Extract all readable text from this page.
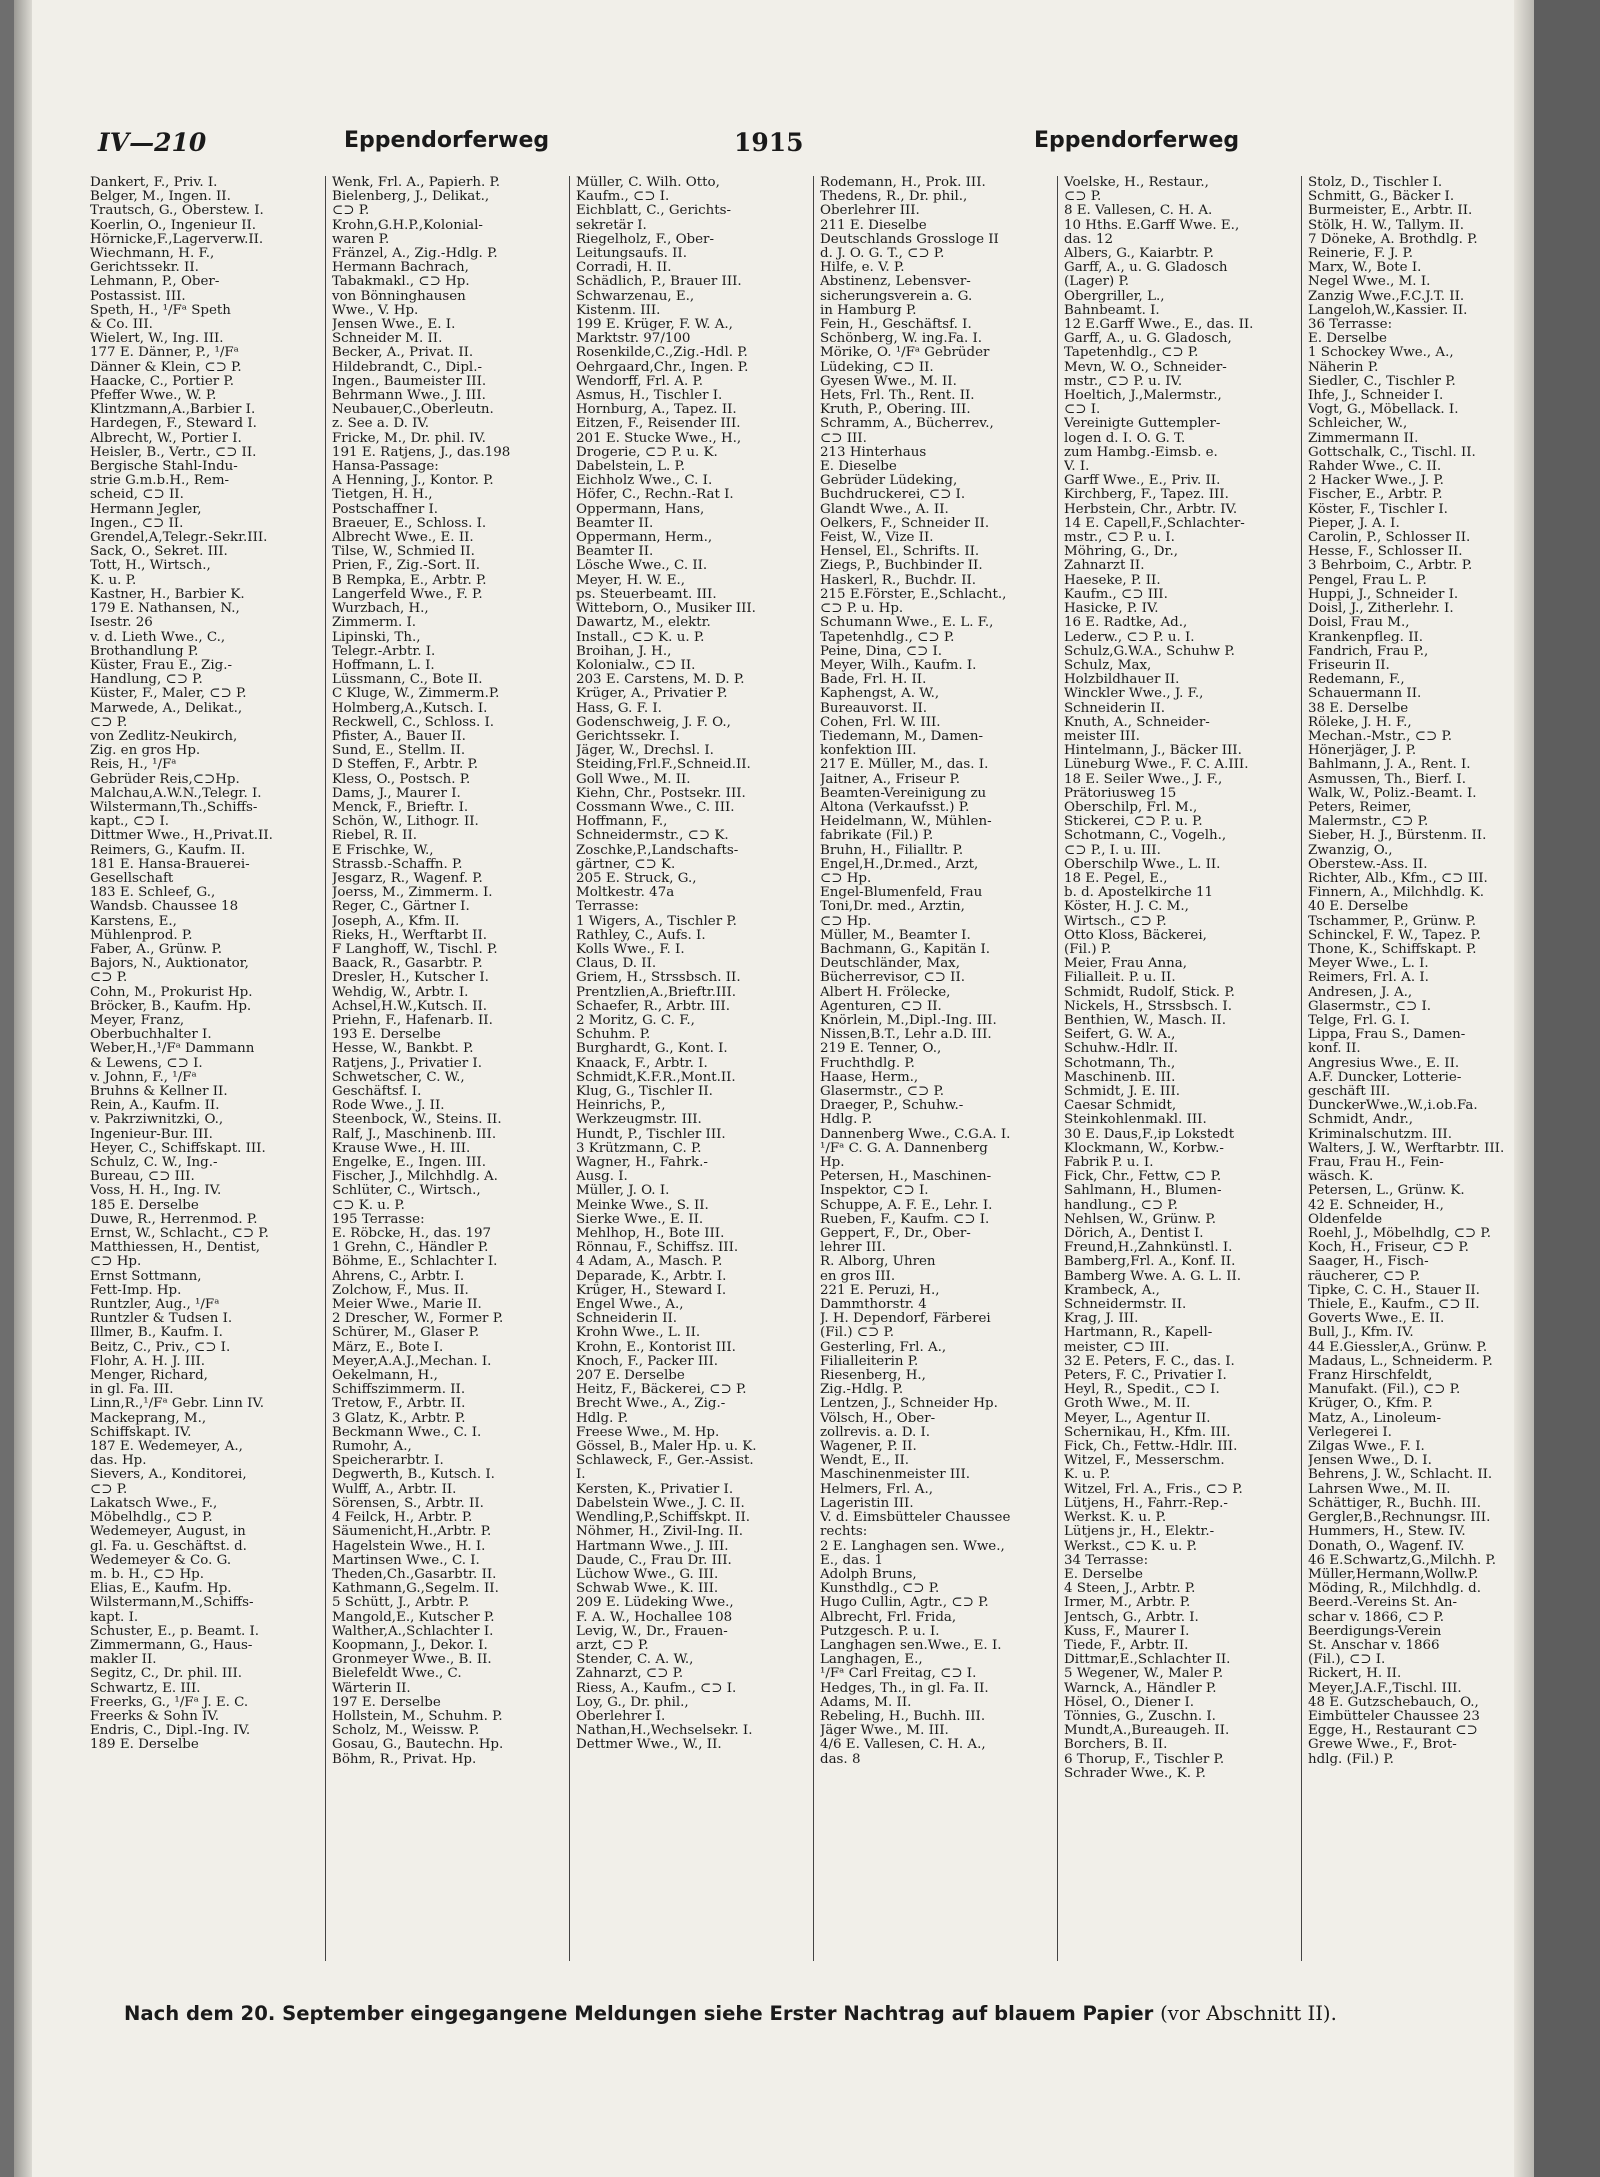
IV—210	Eppendorferweg	1915	Eppendorferweg
Dankert, F., Priv. I.
Belger, M., Ingen. II.
Trautsch, G., Oberstew. I.
Koerlin, O., Ingenieur II.
Hörnicke,F.,Lagerverw.II.
Wiechmann, H. F.,
Gerichtssekr. II.
Lehmann, P., Ober-
Postassist. III.
Speth, H., ¹/Fᵃ Speth
& Co. III.
Wielert, W., Ing. III.
177 E. Dänner, P., ¹/Fᵃ
Dänner & Klein, ⊂⊃ P.
Haacke, C., Portier P.
Pfeffer Wwe., W. P.
Klintzmann,A.,Barbier I.
Hardegen, F., Steward I.
Albrecht, W., Portier I.
Heisler, B., Vertr., ⊂⊃ II.
Bergische Stahl-Indu-
strie G.m.b.H., Rem-
scheid, ⊂⊃ II.
Hermann Jegler,
Ingen., ⊂⊃ II.
Grendel,A,Telegr.-Sekr.III.
Sack, O., Sekret. III.
Tott, H., Wirtsch.,
K. u. P.
Kastner, H., Barbier K.
179 E. Nathansen, N.,
Isestr. 26
v. d. Lieth Wwe., C.,
Brothandlung P.
Küster, Frau E., Zig.-
Handlung, ⊂⊃ P.
Küster, F., Maler, ⊂⊃ P.
Marwede, A., Delikat.,
⊂⊃ P.
von Zedlitz-Neukirch,
Zig. en gros Hp.
Reis, H., ¹/Fᵃ
Gebrüder Reis,⊂⊃Hp.
Malchau,A.W.N.,Telegr. I.
Wilstermann,Th.,Schiffs-
kapt., ⊂⊃ I.
Dittmer Wwe., H.,Privat.II.
Reimers, G., Kaufm. II.
181 E. Hansa-Brauerei-
Gesellschaft
183 E. Schleef, G.,
Wandsb. Chaussee 18
Karstens, E.,
Mühlenprod. P.
Faber, A., Grünw. P.
Bajors, N., Auktionator,
⊂⊃ P.
Cohn, M., Prokurist Hp.
Bröcker, B., Kaufm. Hp.
Meyer, Franz,
Oberbuchhalter I.
Weber,H.,¹/Fᵃ Dammann
& Lewens, ⊂⊃ I.
v. Johnn, F., ¹/Fᵃ
Bruhns & Kellner II.
Rein, A., Kaufm. II.
v. Pakrziwnitzki, O.,
Ingenieur-Bur. III.
Heyer, C., Schiffskapt. III.
Schulz, C. W., Ing.-
Bureau, ⊂⊃ III.
Voss, H. H., Ing. IV.
185 E. Derselbe
Duwe, R., Herrenmod. P.
Ernst, W., Schlacht., ⊂⊃ P.
Matthiessen, H., Dentist,
⊂⊃ Hp.
Ernst Sottmann,
Fett-Imp. Hp.
Runtzler, Aug., ¹/Fᵃ
Runtzler & Tudsen I.
Illmer, B., Kaufm. I.
Beitz, C., Priv., ⊂⊃ I.
Flohr, A. H. J. III.
Menger, Richard,
in gl. Fa. III.
Linn,R.,¹/Fᵃ Gebr. Linn IV.
Mackeprang, M.,
Schiffskapt. IV.
187 E. Wedemeyer, A.,
das. Hp.
Sievers, A., Konditorei,
⊂⊃ P.
Lakatsch Wwe., F.,
Möbelhdlg., ⊂⊃ P.
Wedemeyer, August, in
gl. Fa. u. Geschäftst. d.
Wedemeyer & Co. G.
m. b. H., ⊂⊃ Hp.
Elias, E., Kaufm. Hp.
Wilstermann,M.,Schiffs-
kapt. I.
Schuster, E., p. Beamt. I.
Zimmermann, G., Haus-
makler II.
Segitz, C., Dr. phil. III.
Schwartz, E. III.
Freerks, G., ¹/Fᵃ J. E. C.
Freerks & Sohn IV.
Endris, C., Dipl.-Ing. IV.
189 E. Derselbe
Wenk, Frl. A., Papierh. P.
Bielenberg, J., Delikat.,
⊂⊃ P.
Krohn,G.H.P.,Kolonial-
waren P.
Fränzel, A., Zig.-Hdlg. P.
Hermann Bachrach,
Tabakmakl., ⊂⊃ Hp.
von Bönninghausen
Wwe., V. Hp.
Jensen Wwe., E. I.
Schneider M. II.
Becker, A., Privat. II.
Hildebrandt, C., Dipl.-
Ingen., Baumeister III.
Behrmann Wwe., J. III.
Neubauer,C.,Oberleutn.
z. See a. D. IV.
Fricke, M., Dr. phil. IV.
191 E. Ratjens, J., das.198
Hansa-Passage:
A Henning, J., Kontor. P.
Tietgen, H. H.,
Postschaffner I.
Braeuer, E., Schloss. I.
Albrecht Wwe., E. II.
Tilse, W., Schmied II.
Prien, F., Zig.-Sort. II.
B Rempka, E., Arbtr. P.
Langerfeld Wwe., F. P.
Wurzbach, H.,
Zimmerm. I.
Lipinski, Th.,
Telegr.-Arbtr. I.
Hoffmann, L. I.
Lüssmann, C., Bote II.
C Kluge, W., Zimmerm.P.
Holmberg,A.,Kutsch. I.
Reckwell, C., Schloss. I.
Pfister, A., Bauer II.
Sund, E., Stellm. II.
D Steffen, F., Arbtr. P.
Kless, O., Postsch. P.
Dams, J., Maurer I.
Menck, F., Brieftr. I.
Schön, W., Lithogr. II.
Riebel, R. II.
E Frischke, W.,
Strassb.-Schaffn. P.
Jesgarz, R., Wagenf. P.
Joerss, M., Zimmerm. I.
Reger, C., Gärtner I.
Joseph, A., Kfm. II.
Rieks, H., Werftarbt II.
F Langhoff, W., Tischl. P.
Baack, R., Gasarbtr. P.
Dresler, H., Kutscher I.
Wehdig, W., Arbtr. I.
Achsel,H.W.,Kutsch. II.
Priehn, F., Hafenarb. II.
193 E. Derselbe
Hesse, W., Bankbt. P.
Ratjens, J., Privatier I.
Schwetscher, C. W.,
Geschäftsf. I.
Rode Wwe., J. II.
Steenbock, W., Steins. II.
Ralf, J., Maschinenb. III.
Krause Wwe., H. III.
Engelke, E., Ingen. III.
Fischer, J., Milchhdlg. A.
Schlüter, C., Wirtsch.,
⊂⊃ K. u. P.
195 Terrasse:
E. Röbcke, H., das. 197
1 Grehn, C., Händler P.
Böhme, E., Schlachter I.
Ahrens, C., Arbtr. I.
Zolchow, F., Mus. II.
Meier Wwe., Marie II.
2 Drescher, W., Former P.
Schürer, M., Glaser P.
März, E., Bote I.
Meyer,A.A.J.,Mechan. I.
Oekelmann, H.,
Schiffszimmerm. II.
Tretow, F., Arbtr. II.
3 Glatz, K., Arbtr. P.
Beckmann Wwe., C. I.
Rumohr, A.,
Speicherarbtr. I.
Degwerth, B., Kutsch. I.
Wulff, A., Arbtr. II.
Sörensen, S., Arbtr. II.
4 Feilck, H., Arbtr. P.
Säumenicht,H.,Arbtr. P.
Hagelstein Wwe., H. I.
Martinsen Wwe., C. I.
Theden,Ch.,Gasarbtr. II.
Kathmann,G.,Segelm. II.
5 Schütt, J., Arbtr. P.
Mangold,E., Kutscher P.
Walther,A.,Schlachter I.
Koopmann, J., Dekor. I.
Gronmeyer Wwe., B. II.
Bielefeldt Wwe., C.
Wärterin II.
197 E. Derselbe
Hollstein, M., Schuhm. P.
Scholz, M., Weissw. P.
Gosau, G., Bautechn. Hp.
Böhm, R., Privat. Hp.
Müller, C. Wilh. Otto,
Kaufm., ⊂⊃ I.
Eichblatt, C., Gerichts-
sekretär I.
Riegelholz, F., Ober-
Leitungsaufs. II.
Corradi, H. II.
Schädlich, P., Brauer III.
Schwarzenau, E.,
Kistenm. III.
199 E. Krüger, F. W. A.,
Marktstr. 97/100
Rosenkilde,C.,Zig.-Hdl. P.
Oehrgaard,Chr., Ingen. P.
Wendorff, Frl. A. P.
Asmus, H., Tischler I.
Hornburg, A., Tapez. II.
Eitzen, F., Reisender III.
201 E. Stucke Wwe., H.,
Drogerie, ⊂⊃ P. u. K.
Dabelstein, L. P.
Eichholz Wwe., C. I.
Höfer, C., Rechn.-Rat I.
Oppermann, Hans,
Beamter II.
Oppermann, Herm.,
Beamter II.
Lösche Wwe., C. II.
Meyer, H. W. E.,
ps. Steuerbeamt. III.
Witteborn, O., Musiker III.
Dawartz, M., elektr.
Install., ⊂⊃ K. u. P.
Broihan, J. H.,
Kolonialw., ⊂⊃ II.
203 E. Carstens, M. D. P.
Krüger, A., Privatier P.
Hass, G. F. I.
Godenschweig, J. F. O.,
Gerichtssekr. I.
Jäger, W., Drechsl. I.
Steiding,Frl.F.,Schneid.II.
Goll Wwe., M. II.
Kiehn, Chr., Postsekr. III.
Cossmann Wwe., C. III.
Hoffmann, F.,
Schneidermstr., ⊂⊃ K.
Zoschke,P.,Landschafts-
gärtner, ⊂⊃ K.
205 E. Struck, G.,
Moltkestr. 47a
Terrasse:
1 Wigers, A., Tischler P.
Rathley, C., Aufs. I.
Kolls Wwe., F. I.
Claus, D. II.
Griem, H., Strssbsch. II.
Prentzlien,A.,Brieftr.III.
Schaefer, R., Arbtr. III.
2 Moritz, G. C. F.,
Schuhm. P.
Burghardt, G., Kont. I.
Knaack, F., Arbtr. I.
Schmidt,K.F.R.,Mont.II.
Klug, G., Tischler II.
Heinrichs, P.,
Werkzeugmstr. III.
Hundt, P., Tischler III.
3 Krützmann, C. P.
Wagner, H., Fahrk.-
Ausg. I.
Müller, J. O. I.
Meinke Wwe., S. II.
Sierke Wwe., E. II.
Mehlhop, H., Bote III.
Rönnau, F., Schiffsz. III.
4 Adam, A., Masch. P.
Deparade, K., Arbtr. I.
Krüger, H., Steward I.
Engel Wwe., A.,
Schneiderin II.
Krohn Wwe., L. II.
Krohn, E., Kontorist III.
Knoch, F., Packer III.
207 E. Derselbe
Heitz, F., Bäckerei, ⊂⊃ P.
Brecht Wwe., A., Zig.-
Hdlg. P.
Freese Wwe., M. Hp.
Gössel, B., Maler Hp. u. K.
Schlaweck, F., Ger.-Assist.
I.
Kersten, K., Privatier I.
Dabelstein Wwe., J. C. II.
Wendling,P.,Schiffskpt. II.
Nöhmer, H., Zivil-Ing. II.
Hartmann Wwe., J. III.
Daude, C., Frau Dr. III.
Lüchow Wwe., G. III.
Schwab Wwe., K. III.
209 E. Lüdeking Wwe.,
F. A. W., Hochallee 108
Levig, W., Dr., Frauen-
arzt, ⊂⊃ P.
Stender, C. A. W.,
Zahnarzt, ⊂⊃ P.
Riess, A., Kaufm., ⊂⊃ I.
Loy, G., Dr. phil.,
Oberlehrer I.
Nathan,H.,Wechselsekr. I.
Dettmer Wwe., W., II.
Rodemann, H., Prok. III.
Thedens, R., Dr. phil.,
Oberlehrer III.
211 E. Dieselbe
Deutschlands Grossloge II
d. J. O. G. T., ⊂⊃ P.
Hilfe, e. V. P.
Abstinenz, Lebensver-
sicherungsverein a. G.
in Hamburg P.
Fein, H., Geschäftsf. I.
Schönberg, W. ing.Fa. I.
Mörike, O. ¹/Fᵃ Gebrüder
Lüdeking, ⊂⊃ II.
Gyesen Wwe., M. II.
Hets, Frl. Th., Rent. II.
Kruth, P., Obering. III.
Schramm, A., Bücherrev.,
⊂⊃ III.
213 Hinterhaus
E. Dieselbe
Gebrüder Lüdeking,
Buchdruckerei, ⊂⊃ I.
Glandt Wwe., A. II.
Oelkers, F., Schneider II.
Feist, W., Vize II.
Hensel, El., Schrifts. II.
Ziegs, P., Buchbinder II.
Haskerl, R., Buchdr. II.
215 E.Förster, E.,Schlacht.,
⊂⊃ P. u. Hp.
Schumann Wwe., E. L. F.,
Tapetenhdlg., ⊂⊃ P.
Peine, Dina, ⊂⊃ I.
Meyer, Wilh., Kaufm. I.
Bade, Frl. H. II.
Kaphengst, A. W.,
Bureauvorst. II.
Cohen, Frl. W. III.
Tiedemann, M., Damen-
konfektion III.
217 E. Müller, M., das. I.
Jaitner, A., Friseur P.
Beamten-Vereinigung zu
Altona (Verkaufsst.) P.
Heidelmann, W., Mühlen-
fabrikate (Fil.) P.
Bruhn, H., Filialltr. P.
Engel,H.,Dr.med., Arzt,
⊂⊃ Hp.
Engel-Blumenfeld, Frau
Toni,Dr. med., Ärztin,
⊂⊃ Hp.
Müller, M., Beamter I.
Bachmann, G., Kapitän I.
Deutschländer, Max,
Bücherrevisor, ⊂⊃ II.
Albert H. Frölecke,
Agenturen, ⊂⊃ II.
Knörlein, M.,Dipl.-Ing. III.
Nissen,B.T., Lehr a.D. III.
219 E. Tenner, O.,
Fruchthdlg. P.
Haase, Herm.,
Glasermstr., ⊂⊃ P.
Draeger, P., Schuhw.-
Hdlg. P.
Dannenberg Wwe., C.G.A. I.
¹/Fᵃ C. G. A. Dannenberg
Hp.
Petersen, H., Maschinen-
Inspektor, ⊂⊃ I.
Schuppe, A. F. E., Lehr. I.
Rueben, F., Kaufm. ⊂⊃ I.
Geppert, F., Dr., Ober-
lehrer III.
R. Alborg, Uhren
en gros III.
221 E. Peruzi, H.,
Dammthorstr. 4
J. H. Dependorf, Färberei
(Fil.) ⊂⊃ P.
Gesterling, Frl. A.,
Filialleiterin P.
Riesenberg, H.,
Zig.-Hdlg. P.
Lentzen, J., Schneider Hp.
Völsch, H., Ober-
zollrevis. a. D. I.
Wagener, P. II.
Wendt, E., II.
Maschinenmeister III.
Helmers, Frl. A.,
Lageristin III.
V. d. Eimsbütteler Chaussee
rechts:
2 E. Langhagen sen. Wwe.,
E., das. 1
Adolph Bruns,
Kunsthdlg., ⊂⊃ P.
Hugo Cullin, Agtr., ⊂⊃ P.
Albrecht, Frl. Frida,
Putzgesch. P. u. I.
Langhagen sen.Wwe., E. I.
Langhagen, E.,
¹/Fᵃ Carl Freitag, ⊂⊃ I.
Hedges, Th., in gl. Fa. II.
Adams, M. II.
Rebeling, H., Buchh. III.
Jäger Wwe., M. III.
4/6 E. Vallesen, C. H. A.,
das. 8
Voelske, H., Restaur.,
⊂⊃ P.
8 E. Vallesen, C. H. A.
10 Hths. E.Garff Wwe. E.,
das. 12
Albers, G., Kaiarbtr. P.
Garff, A., u. G. Gladosch
(Lager) P.
Obergriller, L.,
Bahnbeamt. I.
12 E.Garff Wwe., E., das. II.
Garff, A., u. G. Gladosch,
Tapetenhdlg., ⊂⊃ P.
Mevn, W. O., Schneider-
mstr., ⊂⊃ P. u. IV.
Hoeltich, J.,Malermstr.,
⊂⊃ I.
Vereinigte Guttempler-
logen d. I. O. G. T.
zum Hambg.-Eimsb. e.
V. I.
Garff Wwe., E., Priv. II.
Kirchberg, F., Tapez. III.
Herbstein, Chr., Arbtr. IV.
14 E. Capell,F.,Schlachter-
mstr., ⊂⊃ P. u. I.
Möhring, G., Dr.,
Zahnarzt II.
Haeseke, P. II.
Kaufm., ⊂⊃ III.
Hasicke, P. IV.
16 E. Radtke, Ad.,
Lederw., ⊂⊃ P. u. I.
Schulz,G.W.A., Schuhw P.
Schulz, Max,
Holzbildhauer II.
Winckler Wwe., J. F.,
Schneiderin II.
Knuth, A., Schneider-
meister III.
Hintelmann, J., Bäcker III.
Lüneburg Wwe., F. C. A.III.
18 E. Seiler Wwe., J. F.,
Prätoriusweg 15
Oberschilp, Frl. M.,
Stickerei, ⊂⊃ P. u. P.
Schotmann, C., Vogelh.,
⊂⊃ P., I. u. III.
Oberschilp Wwe., L. II.
18 E. Pegel, E.,
b. d. Apostelkirche 11
Köster, H. J. C. M.,
Wirtsch., ⊂⊃ P.
Otto Kloss, Bäckerei,
(Fil.) P.
Meier, Frau Anna,
Filialleit. P. u. II.
Schmidt, Rudolf, Stick. P.
Nickels, H., Strssbsch. I.
Benthien, W., Masch. II.
Seifert, G. W. A.,
Schuhw.-Hdlr. II.
Schotmann, Th.,
Maschinenb. III.
Schmidt, J. E. III.
Caesar Schmidt,
Steinkohlenmakl. III.
30 E. Daus,F.,ip Lokstedt
Klockmann, W., Korbw.-
Fabrik P. u. I.
Fick, Chr., Fettw, ⊂⊃ P.
Sahlmann, H., Blumen-
handlung., ⊂⊃ P.
Nehlsen, W., Grünw. P.
Dörich, A., Dentist I.
Freund,H.,Zahnkünstl. I.
Bamberg,Frl. A., Konf. II.
Bamberg Wwe. A. G. L. II.
Krambeck, A.,
Schneidermstr. II.
Krag, J. III.
Hartmann, R., Kapell-
meister, ⊂⊃ III.
32 E. Peters, F. C., das. I.
Peters, F. C., Privatier I.
Heyl, R., Spedit., ⊂⊃ I.
Groth Wwe., M. II.
Meyer, L., Agentur II.
Schernikau, H., Kfm. III.
Fick, Ch., Fettw.-Hdlr. III.
Witzel, F., Messerschm.
K. u. P.
Witzel, Frl. A., Fris., ⊂⊃ P.
Lütjens, H., Fahrr.-Rep.-
Werkst. K. u. P.
Lütjens jr., H., Elektr.-
Werkst., ⊂⊃ K. u. P.
34 Terrasse:
E. Derselbe
4 Steen, J., Arbtr. P.
Irmer, M., Arbtr. P.
Jentsch, G., Arbtr. I.
Kuss, F., Maurer I.
Tiede, F., Arbtr. II.
Dittmar,E.,Schlachter II.
5 Wegener, W., Maler P.
Warnck, A., Händler P.
Hösel, O., Diener I.
Tönnies, G., Zuschn. I.
Mundt,A.,Bureaugeh. II.
Borchers, B. II.
6 Thorup, F., Tischler P.
Schrader Wwe., K. P.
Stolz, D., Tischler I.
Schmitt, G., Bäcker I.
Burmeister, E., Arbtr. II.
Stölk, H. W., Tallym. II.
7 Döneke, A. Brothdlg. P.
Reinerie, F. J. P.
Marx, W., Bote I.
Negel Wwe., M. I.
Zanzig Wwe.,F.C.J.T. II.
Langeloh,W.,Kassier. II.
36 Terrasse:
E. Derselbe
1 Schockey Wwe., A.,
Näherin P.
Siedler, C., Tischler P.
Ihfe, J., Schneider I.
Vogt, G., Möbellack. I.
Schleicher, W.,
Zimmermann II.
Gottschalk, C., Tischl. II.
Rahder Wwe., C. II.
2 Hacker Wwe., J. P.
Fischer, E., Arbtr. P.
Köster, F., Tischler I.
Pieper, J. A. I.
Carolin, P., Schlosser II.
Hesse, F., Schlosser II.
3 Behrboim, C., Arbtr. P.
Pengel, Frau L. P.
Huppi, J., Schneider I.
Doisl, J., Zitherlehr. I.
Doisl, Frau M.,
Krankenpfleg. II.
Fandrich, Frau P.,
Friseurin II.
Redemann, F.,
Schauermann II.
38 E. Derselbe
Röleke, J. H. F.,
Mechan.-Mstr., ⊂⊃ P.
Hönerjäger, J. P.
Bahlmann, J. A., Rent. I.
Asmussen, Th., Bierf. I.
Walk, W., Poliz.-Beamt. I.
Peters, Reimer,
Malermstr., ⊂⊃ P.
Sieber, H. J., Bürstenm. II.
Zwanzig, O.,
Oberstew.-Ass. II.
Richter, Alb., Kfm., ⊂⊃ III.
Finnern, A., Milchhdlg. K.
40 E. Derselbe
Tschammer, P., Grünw. P.
Schinckel, F. W., Tapez. P.
Thone, K., Schiffskapt. P.
Meyer Wwe., L. I.
Reimers, Frl. A. I.
Andresen, J. A.,
Glasermstr., ⊂⊃ I.
Telge, Frl. G. I.
Lippa, Frau S., Damen-
konf. II.
Angresius Wwe., E. II.
A.F. Duncker, Lotterie-
geschäft III.
DunckerWwe.,W.,i.ob.Fa.
Schmidt, Andr.,
Kriminalschutzm. III.
Walters, J. W., Werftarbtr. III.
Frau, Frau H., Fein-
wäsch. K.
Petersen, L., Grünw. K.
42 E. Schneider, H.,
Oldenfelde
Roehl, J., Möbelhdlg, ⊂⊃ P.
Koch, H., Friseur, ⊂⊃ P.
Saager, H., Fisch-
räucherer, ⊂⊃ P.
Tipke, C. C. H., Stauer II.
Thiele, E., Kaufm., ⊂⊃ II.
Goverts Wwe., E. II.
Bull, J., Kfm. IV.
44 E.Giessler,A., Grünw. P.
Madaus, L., Schneiderm. P.
Franz Hirschfeldt,
Manufakt. (Fil.), ⊂⊃ P.
Krüger, O., Kfm. P.
Matz, A., Linoleum-
Verlegerei I.
Zilgas Wwe., F. I.
Jensen Wwe., D. I.
Behrens, J. W., Schlacht. II.
Lahrsen Wwe., M. II.
Schättiger, R., Buchh. III.
Gergler,B.,Rechnungsr. III.
Hummers, H., Stew. IV.
Donath, O., Wagenf. IV.
46 E.Schwartz,G.,Milchh. P.
Müller,Hermann,Wollw.P.
Möding, R., Milchhdlg. d.
Beerd.-Vereins St. An-
schar v. 1866, ⊂⊃ P.
Beerdigungs-Verein
St. Anschar v. 1866
(Fil.), ⊂⊃ I.
Rickert, H. II.
Meyer,J.A.F.,Tischl. III.
48 E. Gutzschebauch, O.,
Eimbütteler Chaussee 23
Egge, H., Restaurant ⊂⊃
Grewe Wwe., F., Brot-
hdlg. (Fil.) P.
Nach dem 20. September eingegangene Meldungen siehe Erster Nachtrag auf blauem Papier (vor Abschnitt II).
